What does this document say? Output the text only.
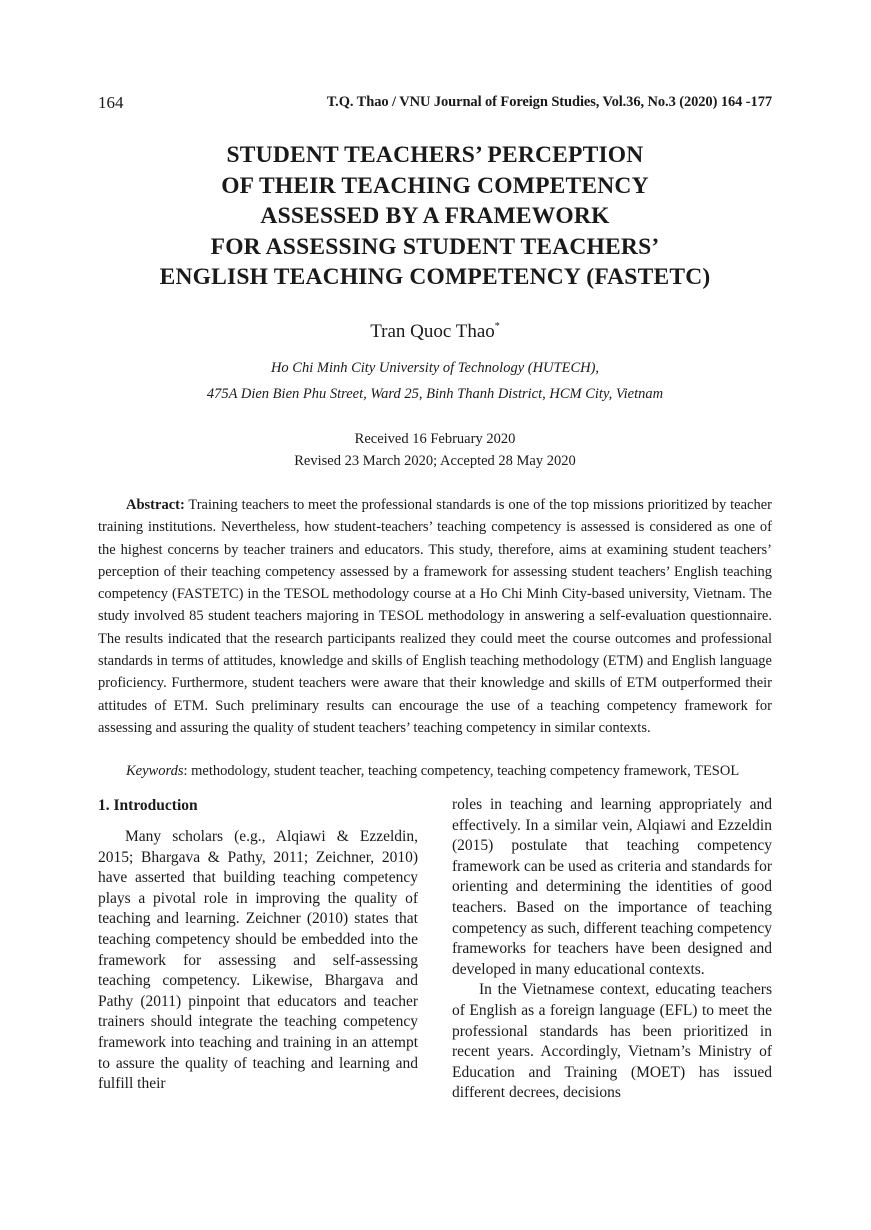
164	T.Q. Thao / VNU Journal of Foreign Studies, Vol.36, No.3 (2020) 164 -177
STUDENT TEACHERS’ PERCEPTION
OF THEIR TEACHING COMPETENCY
ASSESSED BY A FRAMEWORK
FOR ASSESSING STUDENT TEACHERS’
ENGLISH TEACHING COMPETENCY (FASTETC)
Tran Quoc Thao*
Ho Chi Minh City University of Technology (HUTECH),
475A Dien Bien Phu Street, Ward 25, Binh Thanh District, HCM City, Vietnam
Received 16 February 2020
Revised 23 March 2020; Accepted 28 May 2020

Abstract: Training teachers to meet the professional standards is one of the top missions prioritized by teacher training institutions. Nevertheless, how student-teachers’ teaching competency is assessed is considered as one of the highest concerns by teacher trainers and educators. This study, therefore, aims at examining student teachers’ perception of their teaching competency assessed by a framework for assessing student teachers’ English teaching competency (FASTETC) in the TESOL methodology course at a Ho Chi Minh City-based university, Vietnam. The study involved 85 student teachers majoring in TESOL methodology in answering a self-evaluation questionnaire. The results indicated that the research participants realized they could meet the course outcomes and professional standards in terms of attitudes, knowledge and skills of English teaching methodology (ETM) and English language proficiency. Furthermore, student teachers were aware that their knowledge and skills of ETM outperformed their attitudes of ETM. Such preliminary results can encourage the use of a teaching competency framework for assessing and assuring the quality of student teachers’ teaching competency in similar contexts.

Keywords: methodology, student teacher, teaching competency, teaching competency framework, TESOL

1. Introduction

Many scholars (e.g., Alqiawi & Ezzeldin, 2015; Bhargava & Pathy, 2011; Zeichner, 2010) have asserted that building teaching competency plays a pivotal role in improving the quality of teaching and learning. Zeichner (2010) states that teaching competency should be embedded into the framework for assessing and self-assessing teaching competency. Likewise, Bhargava and Pathy (2011) pinpoint that educators and teacher trainers should integrate the teaching competency framework into teaching and training in an attempt to assure the quality of teaching and learning and fulfill their

roles in teaching and learning appropriately and effectively. In a similar vein, Alqiawi and Ezzeldin (2015) postulate that teaching competency framework can be used as criteria and standards for orienting and determining the identities of good teachers. Based on the importance of teaching competency as such, different teaching competency frameworks for teachers have been designed and developed in many educational contexts.

In the Vietnamese context, educating teachers of English as a foreign language (EFL) to meet the professional standards has been prioritized in recent years. Accordingly, Vietnam’s Ministry of Education and Training (MOET) has issued different decrees, decisions
